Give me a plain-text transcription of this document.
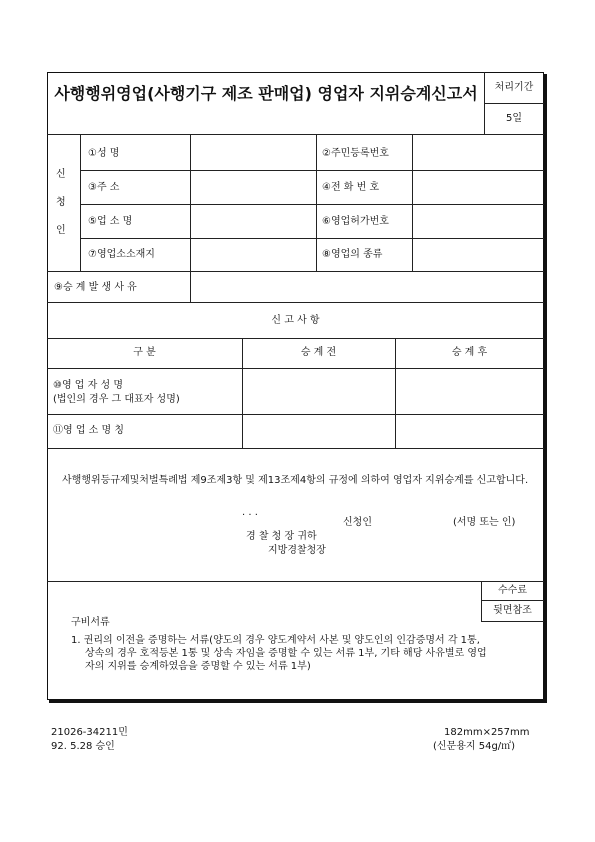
사행행위영업(사행기구 제조 판매업) 영업자 지위승계신고서	처리기간
5일
신
청
인
①성 명	②주민등록번호
③주 소	④전 화 번 호
⑤업 소 명	⑥영업허가번호
⑦영업소소재지	⑧영업의 종류
⑨승 계 발 생 사 유
신 고 사 항
구 분	승 계 전	승 계 후
⑩영 업 자 성 명
(법인의 경우 그 대표자 성명)
⑪영 업 소 명 칭
사행행위등규제및처벌특례법 제9조제3항 및 제13조제4항의 규정에 의하여 영업자 지위승계를 신고합니다.
. . .
신청인	(서명 또는 인)
경 찰 청 장 귀하
지방경찰청장
수수료
뒷면참조
구비서류
1. 권리의 이전을 증명하는 서류(양도의 경우 양도계약서 사본 및 양도인의 인감증명서 각 1통, 상속의 경우 호적등본 1통 및 상속 자임을 증명할 수 있는 서류 1부, 기타 해당 사유별로 영업자의 지위를 승계하였음을 증명할 수 있는 서류 1부)
21026-34211민
92. 5.28 승인
182mm×257mm
(신문용지 54g/㎡)
